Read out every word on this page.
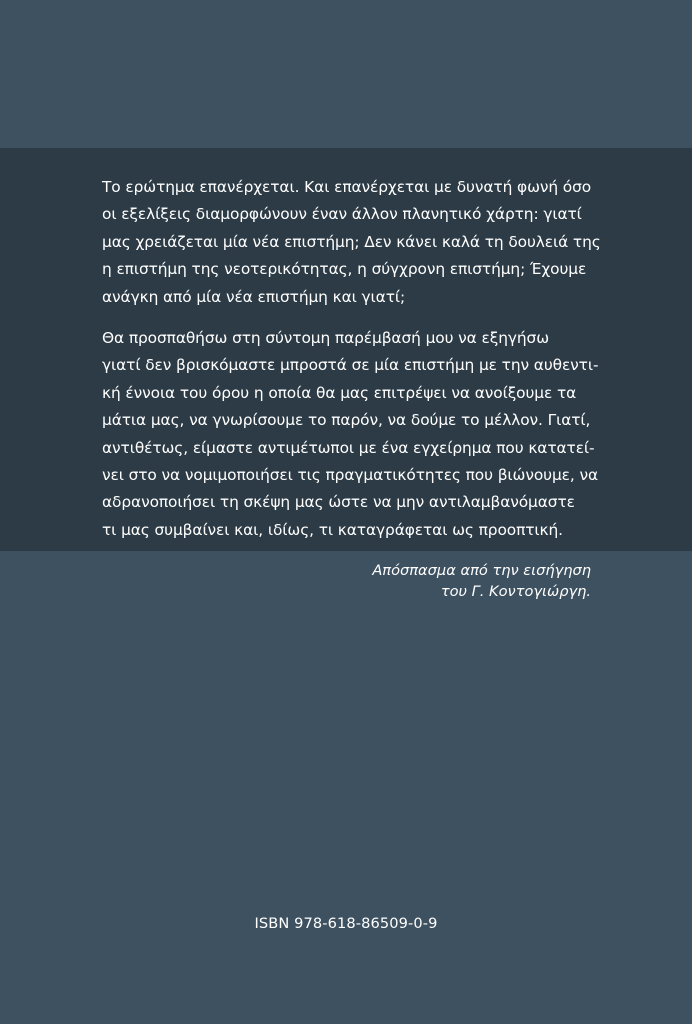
Το ερώτημα επανέρχεται. Και επανέρχεται με δυνατή φωνή όσο
οι εξελίξεις διαμορφώνουν έναν άλλον πλανητικό χάρτη: γιατί
μας χρειάζεται μία νέα επιστήμη; Δεν κάνει καλά τη δουλειά της
η επιστήμη της νεοτερικότητας, η σύγχρονη επιστήμη; Έχουμε
ανάγκη από μία νέα επιστήμη και γιατί;

Θα προσπαθήσω στη σύντομη παρέμβασή μου να εξηγήσω
γιατί δεν βρισκόμαστε μπροστά σε μία επιστήμη με την αυθεντι-
κή έννοια του όρου η οποία θα μας επιτρέψει να ανοίξουμε τα
μάτια μας, να γνωρίσουμε το παρόν, να δούμε το μέλλον. Γιατί,
αντιθέτως, είμαστε αντιμέτωποι με ένα εγχείρημα που κατατεί-
νει στο να νομιμοποιήσει τις πραγματικότητες που βιώνουμε, να
αδρανοποιήσει τη σκέψη μας ώστε να μην αντιλαμβανόμαστε
τι μας συμβαίνει και, ιδίως, τι καταγράφεται ως προοπτική.

Απόσπασμα από την εισήγηση
του Γ. Κοντογιώργη.
ISBN 978-618-86509-0-9
